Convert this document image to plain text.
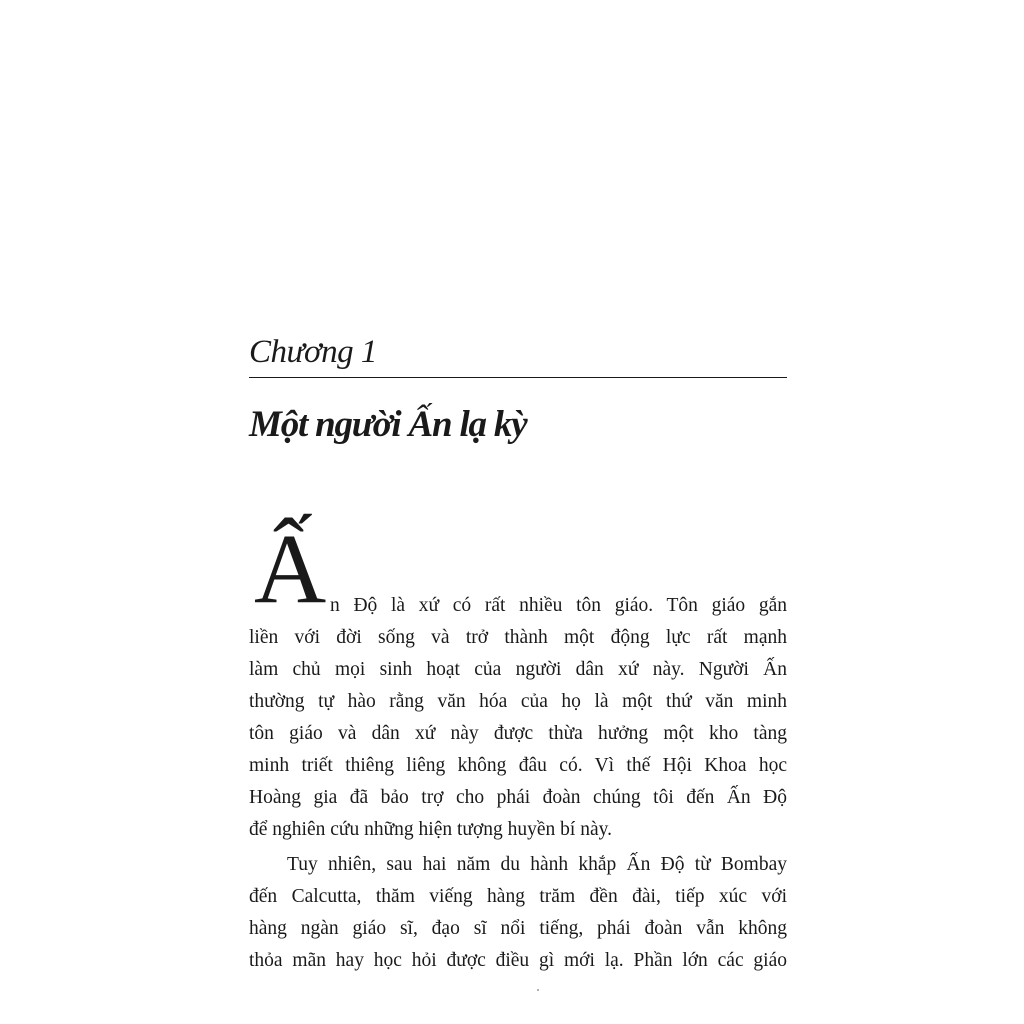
Chương 1
Một người Ấn lạ kỳ
Ấ n Độ là xứ có rất nhiều tôn giáo. Tôn giáo gắn
liền với đời sống và trở thành một động lực rất mạnh
làm chủ mọi sinh hoạt của người dân xứ này. Người Ấn
thường tự hào rằng văn hóa của họ là một thứ văn minh
tôn giáo và dân xứ này được thừa hưởng một kho tàng
minh triết thiêng liêng không đâu có. Vì thế Hội Khoa học
Hoàng gia đã bảo trợ cho phái đoàn chúng tôi đến Ấn Độ
để nghiên cứu những hiện tượng huyền bí này.
Tuy nhiên, sau hai năm du hành khắp Ấn Độ từ Bombay
đến Calcutta, thăm viếng hàng trăm đền đài, tiếp xúc với
hàng ngàn giáo sĩ, đạo sĩ nổi tiếng, phái đoàn vẫn không
thỏa mãn hay học hỏi được điều gì mới lạ. Phần lớn các giáo
